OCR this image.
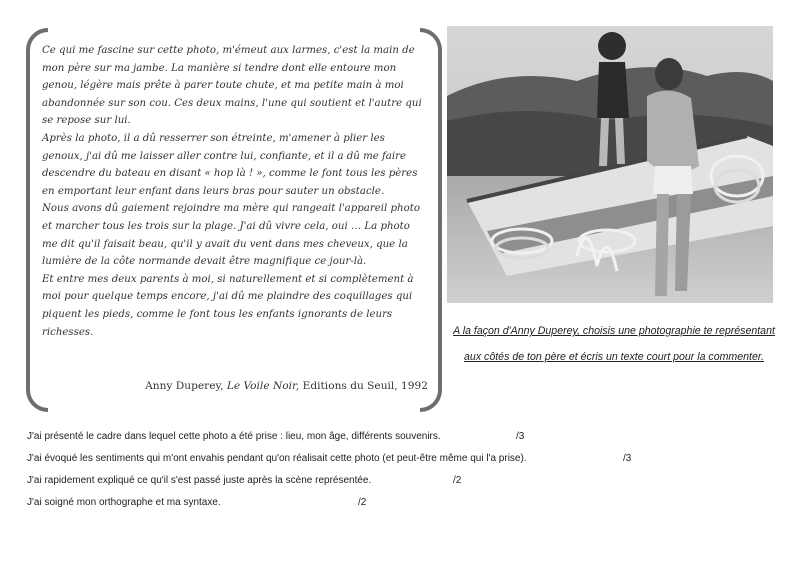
Ce qui me fascine sur cette photo, m'émeut aux larmes, c'est la main de mon père sur ma jambe. La manière si tendre dont elle entoure mon genou, légère mais prête à parer toute chute, et ma petite main à moi abandonnée sur son cou. Ces deux mains, l'une qui soutient et l'autre qui se repose sur lui.

Après la photo, il a dû resserrer son étreinte, m'amener à plier les genoux, j'ai dû me laisser aller contre lui, confiante, et il a dû me faire descendre du bateau en disant « hop là ! », comme le font tous les pères en emportant leur enfant dans leurs bras pour sauter un obstacle.

Nous avons dû gaiement rejoindre ma mère qui rangeait l'appareil photo et marcher tous les trois sur la plage. J'ai dû vivre cela, oui … La photo me dit qu'il faisait beau, qu'il y avait du vent dans mes cheveux, que la lumière de la côte normande devait être magnifique ce jour-là.

Et entre mes deux parents à moi, si naturellement et si complètement à moi pour quelque temps encore, j'ai dû me plaindre des coquillages qui piquent les pieds, comme le font tous les enfants ignorants de leurs richesses.

Anny Duperey, Le Voile Noir, Editions du Seuil, 1992
A la façon d'Anny Duperey, choisis une photographie te représentant aux côtés de ton père et écris un texte court pour la commenter.
J'ai présenté le cadre dans lequel cette photo a été prise : lieu, mon âge, différents souvenirs.	/3
J'ai évoqué les sentiments qui m'ont envahis pendant qu'on réalisait cette photo (et peut-être même qui l'a prise).	/3
J'ai rapidement expliqué ce qu'il s'est passé juste après la scène représentée.	/2
J'ai soigné mon orthographe et ma syntaxe.	/2
